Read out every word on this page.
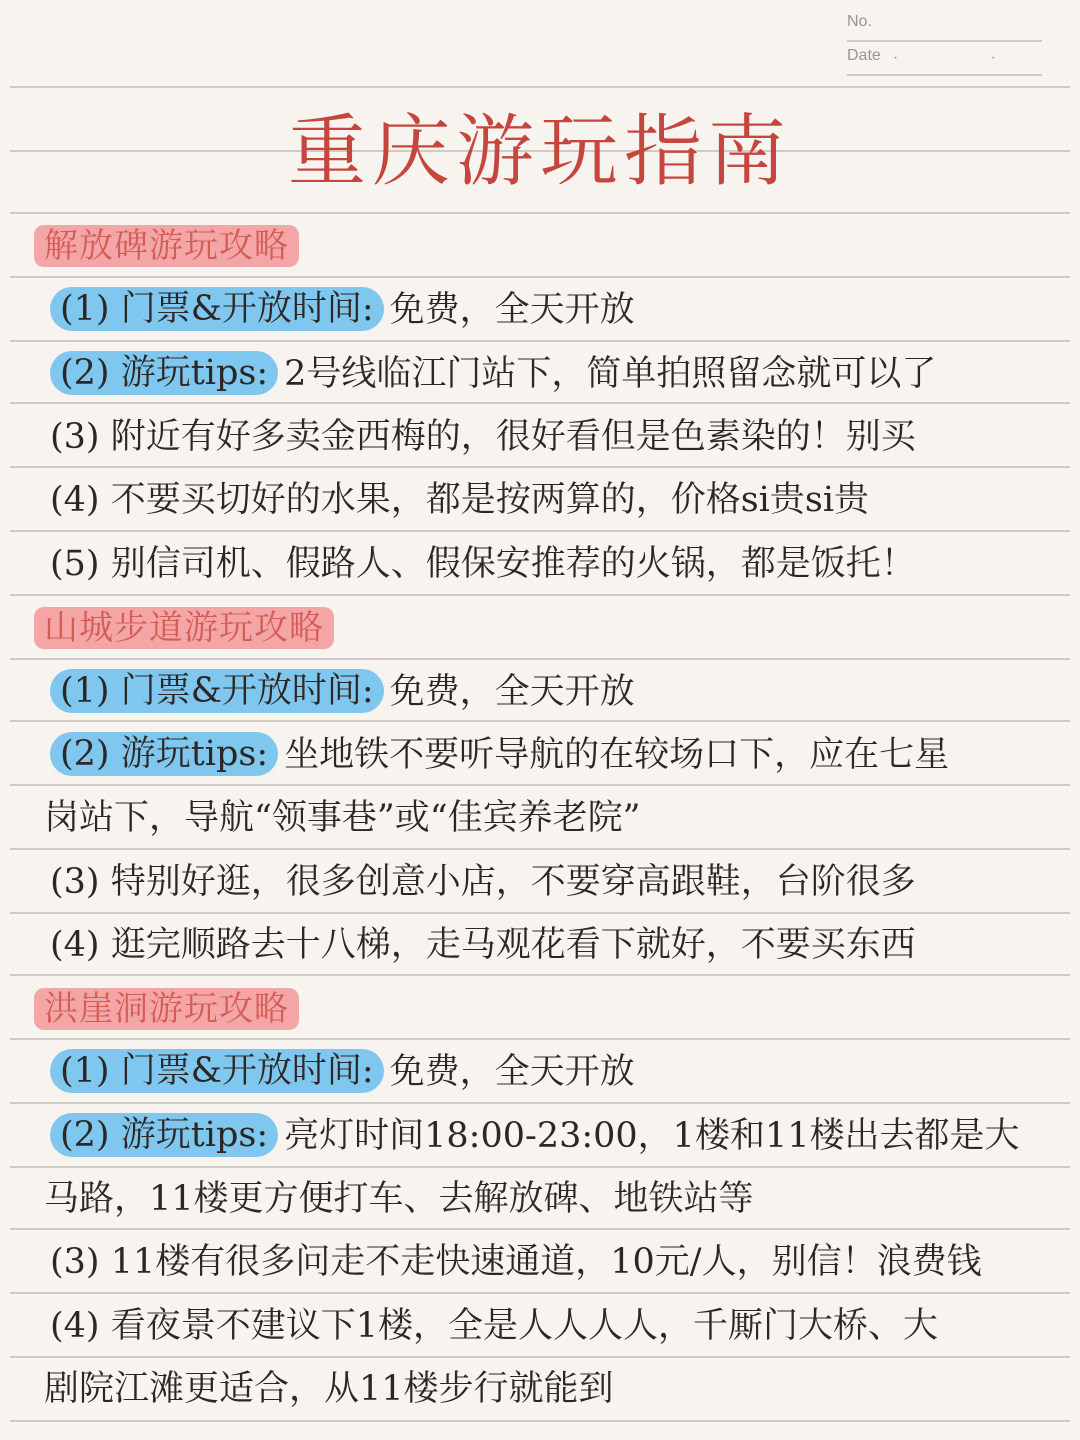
No.
Date · ·
重庆游玩指南
解放碑游玩攻略
(1) 门票&开放时间: 免费，全天开放
(2) 游玩tips: 2号线临江门站下，简单拍照留念就可以了
(3) 附近有好多卖金西梅的，很好看但是色素染的！别买
(4) 不要买切好的水果，都是按两算的，价格si贵si贵
(5) 别信司机、假路人、假保安推荐的火锅，都是饭托！
山城步道游玩攻略
(1) 门票&开放时间: 免费，全天开放
(2) 游玩tips: 坐地铁不要听导航的在较场口下，应在七星
岗站下，导航“领事巷”或“佳宾养老院”
(3) 特别好逛，很多创意小店，不要穿高跟鞋，台阶很多
(4) 逛完顺路去十八梯，走马观花看下就好，不要买东西
洪崖洞游玩攻略
(1) 门票&开放时间: 免费，全天开放
(2) 游玩tips: 亮灯时间18:00-23:00，1楼和11楼出去都是大
马路，11楼更方便打车、去解放碑、地铁站等
(3) 11楼有很多问走不走快速通道，10元/人，别信！浪费钱
(4) 看夜景不建议下1楼，全是人人人人，千厮门大桥、大
剧院江滩更适合，从11楼步行就能到
